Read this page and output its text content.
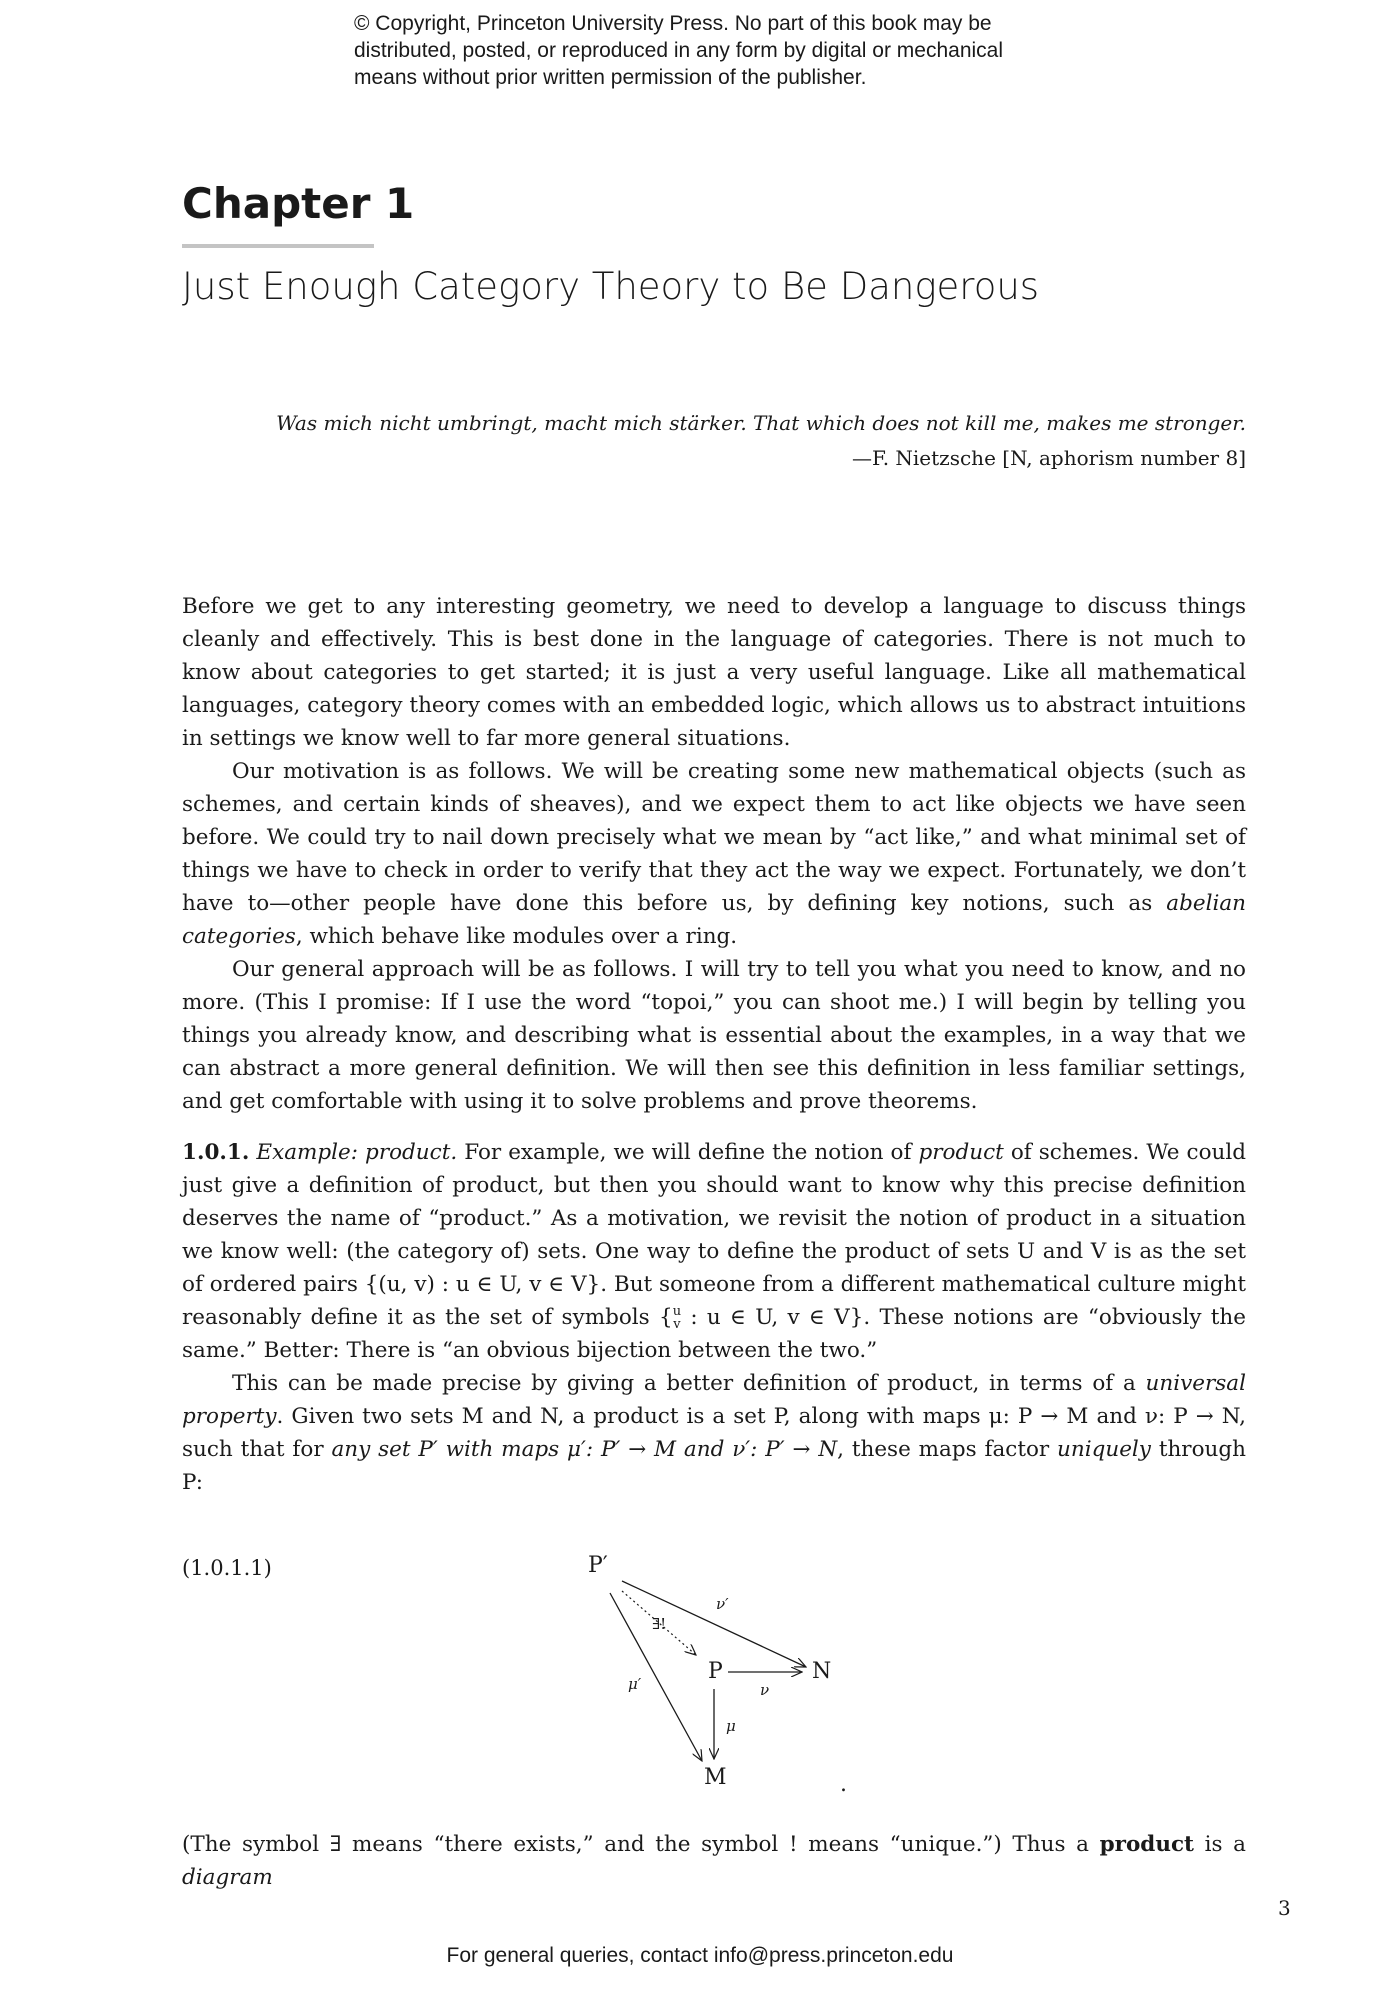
© Copyright, Princeton University Press. No part of this book may be
distributed, posted, or reproduced in any form by digital or mechanical
means without prior written permission of the publisher.
Chapter 1
Just Enough Category Theory to Be Dangerous
Was mich nicht umbringt, macht mich stärker. That which does not kill me, makes me stronger.
—F. Nietzsche [N, aphorism number 8]

Before we get to any interesting geometry, we need to develop a language to discuss things cleanly and effectively. This is best done in the language of categories. There is not much to know about categories to get started; it is just a very useful language. Like all mathematical languages, category theory comes with an embedded logic, which allows us to abstract intuitions in settings we know well to far more general situations.

Our motivation is as follows. We will be creating some new mathematical objects (such as schemes, and certain kinds of sheaves), and we expect them to act like objects we have seen before. We could try to nail down precisely what we mean by “act like,” and what minimal set of things we have to check in order to verify that they act the way we expect. Fortunately, we don’t have to—other people have done this before us, by defining key notions, such as abelian categories, which behave like modules over a ring.

Our general approach will be as follows. I will try to tell you what you need to know, and no more. (This I promise: If I use the word “topoi,” you can shoot me.) I will begin by telling you things you already know, and describing what is essential about the examples, in a way that we can abstract a more general definition. We will then see this definition in less familiar settings, and get comfortable with using it to solve problems and prove theorems.

1.0.1. Example: product. For example, we will define the notion of product of schemes. We could just give a definition of product, but then you should want to know why this precise definition deserves the name of “product.” As a motivation, we revisit the notion of product in a situation we know well: (the category of) sets. One way to define the product of sets U and V is as the set of ordered pairs {(u, v) : u ∈ U, v ∈ V}. But someone from a different mathematical culture might reasonably define it as the set of symbols { u
v : u ∈ U, v ∈ V}. These notions are “obviously the same.” Better: There is “an obvious bijection between the two.”

This can be made precise by giving a better definition of product, in terms of a universal property. Given two sets M and N, a product is a set P, along with maps μ: P → M and ν: P → N, such that for any set P′ with maps μ′: P′ → M and ν′: P′ → N, these maps factor uniquely through P:

(1.0.1.1)	P′
P	N
M
ν′
∃!
μ′	ν
μ
.

(The symbol ∃ means “there exists,” and the symbol ! means “unique.”) Thus a product is a diagram

3
For general queries, contact info@press.princeton.edu
